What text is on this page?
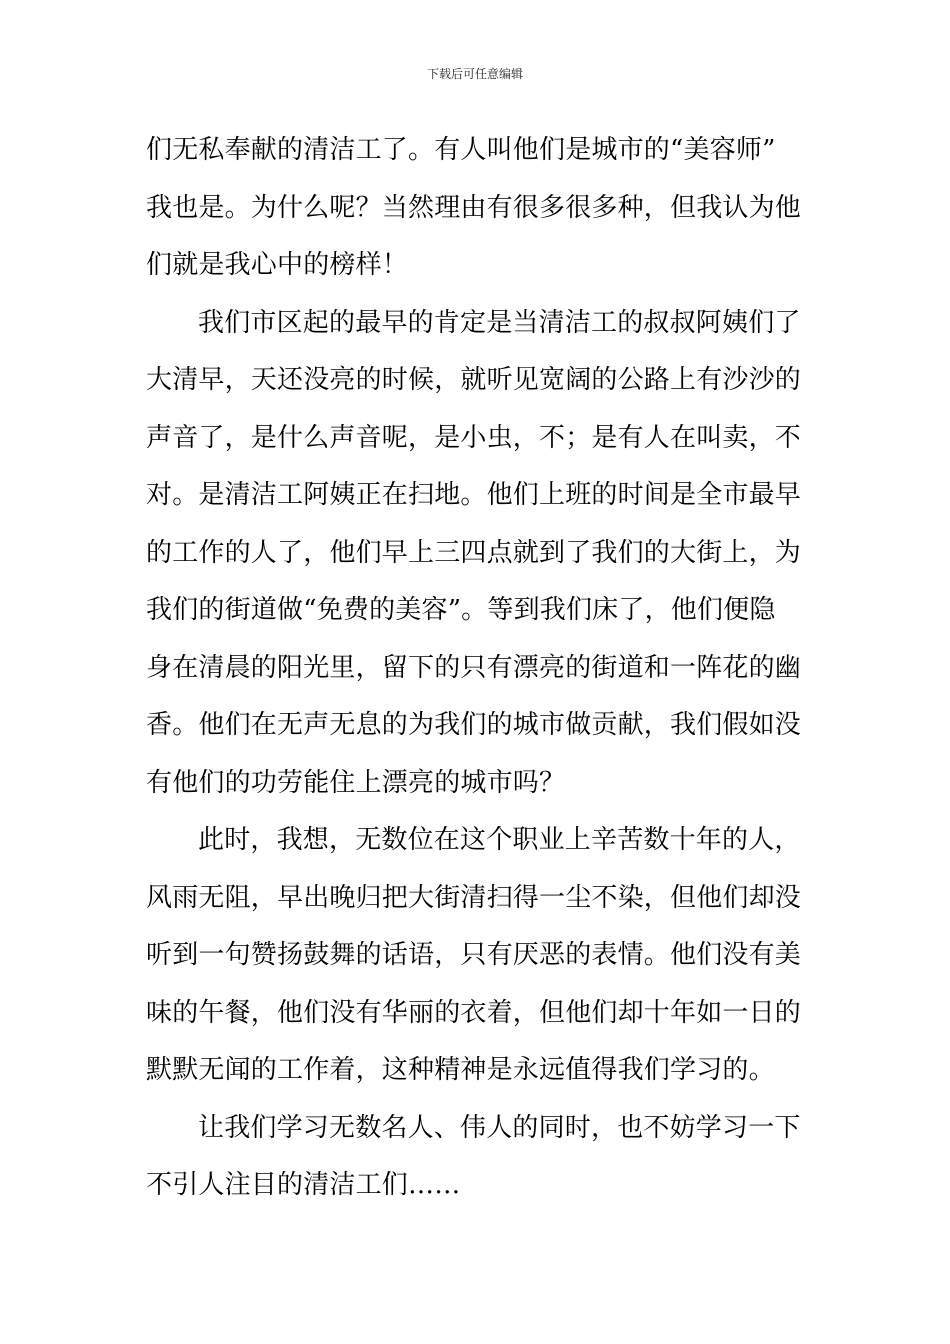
下载后可任意编辑
们无私奉献的清洁工了。有人叫他们是城市的“美容师”
我也是。为什么呢？当然理由有很多很多种，但我认为他
们就是我心中的榜样！
我们市区起的最早的肯定是当清洁工的叔叔阿姨们了
大清早，天还没亮的时候，就听见宽阔的公路上有沙沙的
声音了，是什么声音呢，是小虫，不；是有人在叫卖，不
对。是清洁工阿姨正在扫地。他们上班的时间是全市最早
的工作的人了，他们早上三四点就到了我们的大街上，为
我们的街道做“免费的美容”。等到我们床了，他们便隐
身在清晨的阳光里，留下的只有漂亮的街道和一阵花的幽
香。他们在无声无息的为我们的城市做贡献，我们假如没
有他们的功劳能住上漂亮的城市吗？
此时，我想，无数位在这个职业上辛苦数十年的人，
风雨无阻，早出晚归把大街清扫得一尘不染，但他们却没
听到一句赞扬鼓舞的话语，只有厌恶的表情。他们没有美
味的午餐，他们没有华丽的衣着，但他们却十年如一日的
默默无闻的工作着，这种精神是永远值得我们学习的。
让我们学习无数名人、伟人的同时，也不妨学习一下
不引人注目的清洁工们……
